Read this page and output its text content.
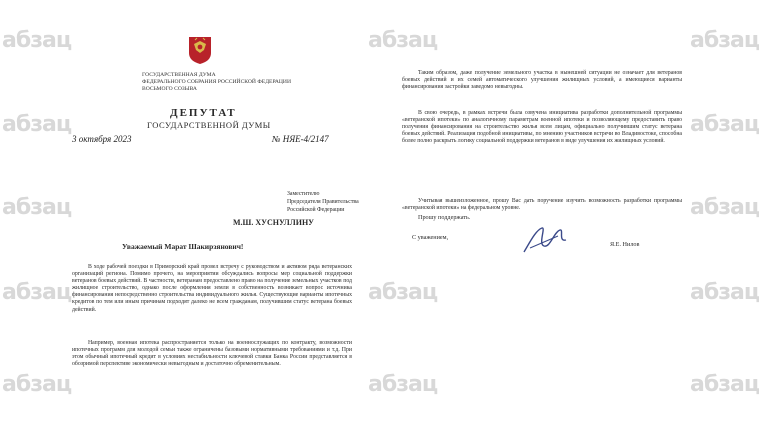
ГОСУДАРСТВЕННАЯ ДУМА
ФЕДЕРАЛЬНОГО СОБРАНИЯ РОССИЙСКОЙ ФЕДЕРАЦИИ
ВОСЬМОГО СОЗЫВА
ДЕПУТАТ
ГОСУДАРСТВЕННОЙ ДУМЫ
3 октября 2023	№ НЯЕ-4/2147
Заместителю
Председателя Правительства
Российской Федерации
М.Ш. ХУСНУЛЛИНУ
Уважаемый Марат Шакирзянович!
В ходе рабочей поездки в Приморский край провел встречу с руководством и активом ряда ветеранских организаций региона. Помимо прочего, на мероприятии обсуждались вопросы мер социальной поддержки ветеранов боевых действий. В частности, ветеранам предоставлено право на получение земельных участков под жилищное строительство, однако после оформления земли в собственность возникает вопрос источника финансирования непосредственно строительства индивидуального жилья. Существующие варианты ипотечных кредитов по тем или иным причинам подходят далеко не всем гражданам, получившим статус ветерана боевых действий.
Например, военная ипотека распространяется только на военнослужащих по контракту, возможности ипотечных программ для молодой семьи также ограничены базовыми нормативными требованиями и т.д. При этом обычный ипотечный кредит в условиях нестабильности ключевой ставки Банка России представляется в обозримой перспективе экономически невыгодным и достаточно обременительным.
Таким образом, даже получение земельного участка в нынешней ситуации не означает для ветеранов боевых действий и их семей автоматического улучшения жилищных условий, а имеющиеся варианты финансирования застройки заведомо невыгодны.
В свою очередь, в рамках встречи была озвучена инициатива разработки дополнительной программы «ветеранской ипотеки» по аналогичному параметрам военной ипотеки и позволяющему предоставить право получения финансирования на строительство жилья всем лицам, официально получившим статус ветерана боевых действий. Реализация подобной инициативы, по мнению участников встречи во Владивостоке, способна более полно раскрыть логику социальной поддержки ветеранов в виде улучшения их жилищных условий.
Учитывая вышеизложенное, прошу Вас дать поручение изучить возможность разработки программы «ветеранской ипотеки» на федеральном уровне.
Прошу поддержать.
С уважением,
Я.Е. Нилов
абзац	абзац	абзац
абзац	абзац
абзац	абзац
абзац	абзац	абзац
абзац	абзац	абзац
